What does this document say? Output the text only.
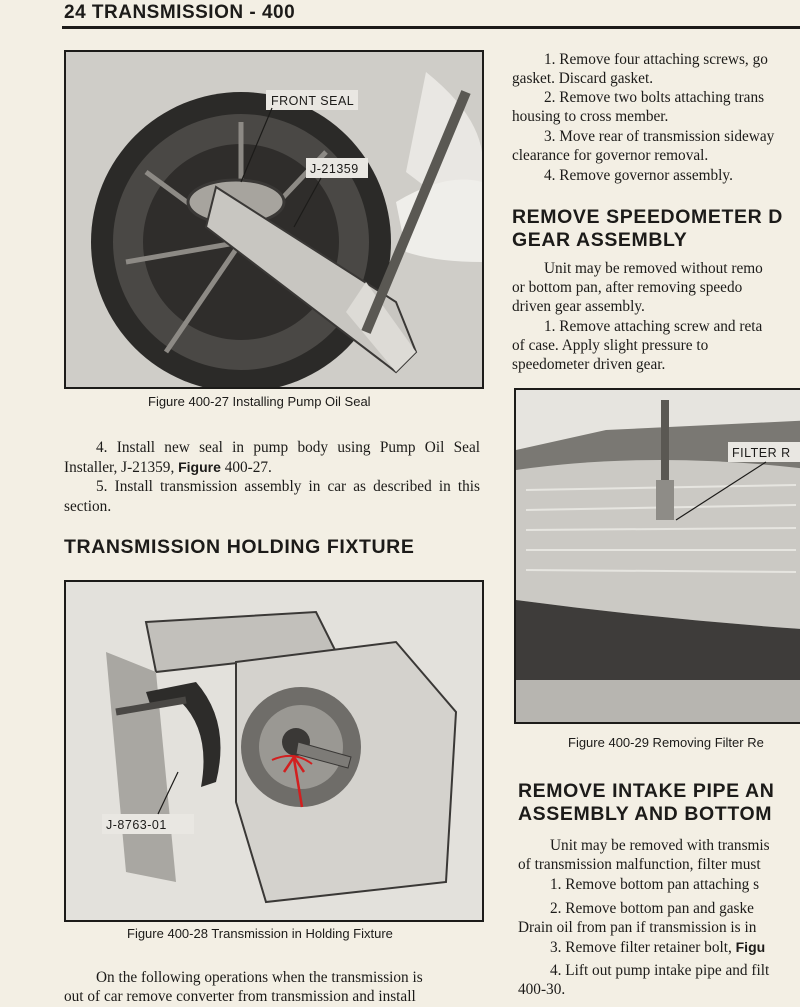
24 TRANSMISSION - 400
FRONT SEAL
J-21359
Figure 400-27 Installing Pump Oil Seal
4. Install new seal in pump body using Pump Oil Seal Installer, J-21359, Figure 400-27.
5. Install transmission assembly in car as described in this section.
TRANSMISSION HOLDING FIXTURE
J-8763-01
Figure 400-28 Transmission in Holding Fixture
On the following operations when the transmission is
out of car remove converter from transmission and install
1. Remove four attaching screws, go
gasket. Discard gasket.
2. Remove two bolts attaching trans
housing to cross member.
3. Move rear of transmission sideway
clearance for governor removal.
4. Remove governor assembly.
REMOVE SPEEDOMETER D
GEAR ASSEMBLY
Unit may be removed without remo
or bottom pan, after removing speedo
driven gear assembly.
1. Remove attaching screw and reta
of case. Apply slight pressure to
speedometer driven gear.
FILTER R
Figure 400-29 Removing Filter Re
REMOVE INTAKE PIPE AN
ASSEMBLY AND BOTTOM
Unit may be removed with transmis
of transmission malfunction, filter must
1. Remove bottom pan attaching s
2. Remove bottom pan and gaske
Drain oil from pan if transmission is in
3. Remove filter retainer bolt, Figu
4. Lift out pump intake pipe and filt
400-30.
